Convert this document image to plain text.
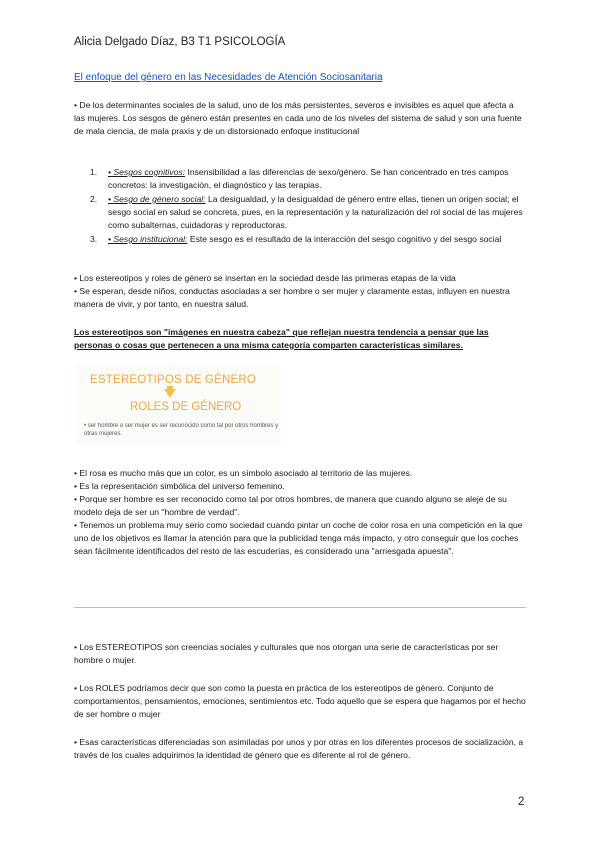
Alicia Delgado Díaz, B3 T1 PSICOLOGÍA
El enfoque del género en las Necesidades de Atención Sociosanitaria

• De los determinantes sociales de la salud, uno de los más persistentes, severos e invisibles es aquel que afecta a las mujeres. Los sesgos de género están presentes en cada uno de los niveles del sistema de salud y son una fuente de mala ciencia, de mala praxis y de un distorsionado enfoque institucional

1. • Sesgos cognitivos: Insensibilidad a las diferencias de sexo/género. Se han concentrado en tres campos concretos: la investigación, el diagnóstico y las terapias.
2. • Sesgo de género social: La desigualdad, y la desigualdad de género entre ellas, tienen un origen social; el sesgo social en salud se concreta, pues, en la representación y la naturalización del rol social de las mujeres como subalternas, cuidadoras y reproductoras.
3. • Sesgo institucional: Este sesgo es el resultado de la interacción del sesgo cognitivo y del sesgo social

• Los estereotipos y roles de género se insertan en la sociedad desde las primeras etapas de la vida

• Se esperan, desde niños, conductas asociadas a ser hombre o ser mujer y claramente estas, influyen en nuestra manera de vivir, y por tanto, en nuestra salud.

Los estereotipos son "imágenes en nuestra cabeza" que reflejan nuestra tendencia a pensar que las personas o cosas que pertenecen a una misma categoría comparten características similares.

ESTEREOTIPOS DE GÉNERO
ROLES DE GÉNERO
• ser hombre o ser mujer es ser reconocido como tal por otros hombres y otras mujeres.

• El rosa es mucho más que un color, es un símbolo asociado al territorio de las mujeres.

• Es la representación simbólica del universo femenino.

• Porque ser hombre es ser reconocido como tal por otros hombres, de manera que cuando alguno se aleje de su modelo deja de ser un "hombre de verdad".

• Tenemos un problema muy serio como sociedad cuando pintar un coche de color rosa en una competición en la que uno de los objetivos es llamar la atención para que la publicidad tenga más impacto, y otro conseguir que los coches sean fácilmente identificados del resto de las escuderías, es considerado una "arriesgada apuesta".

• Los ESTEREOTIPOS son creencias sociales y culturales que nos otorgan una serie de características por ser hombre o mujer.

• Los ROLES podríamos decir que son como la puesta en práctica de los estereotipos de género. Conjunto de comportamientos, pensamientos, emociones, sentimientos etc. Todo aquello que se espera que hagamos por el hecho de ser hombre o mujer

• Esas características diferenciadas son asimiladas por unos y por otras en los diferentes procesos de socialización, a través de los cuales adquirimos la identidad de género que es diferente al rol de género.

2
